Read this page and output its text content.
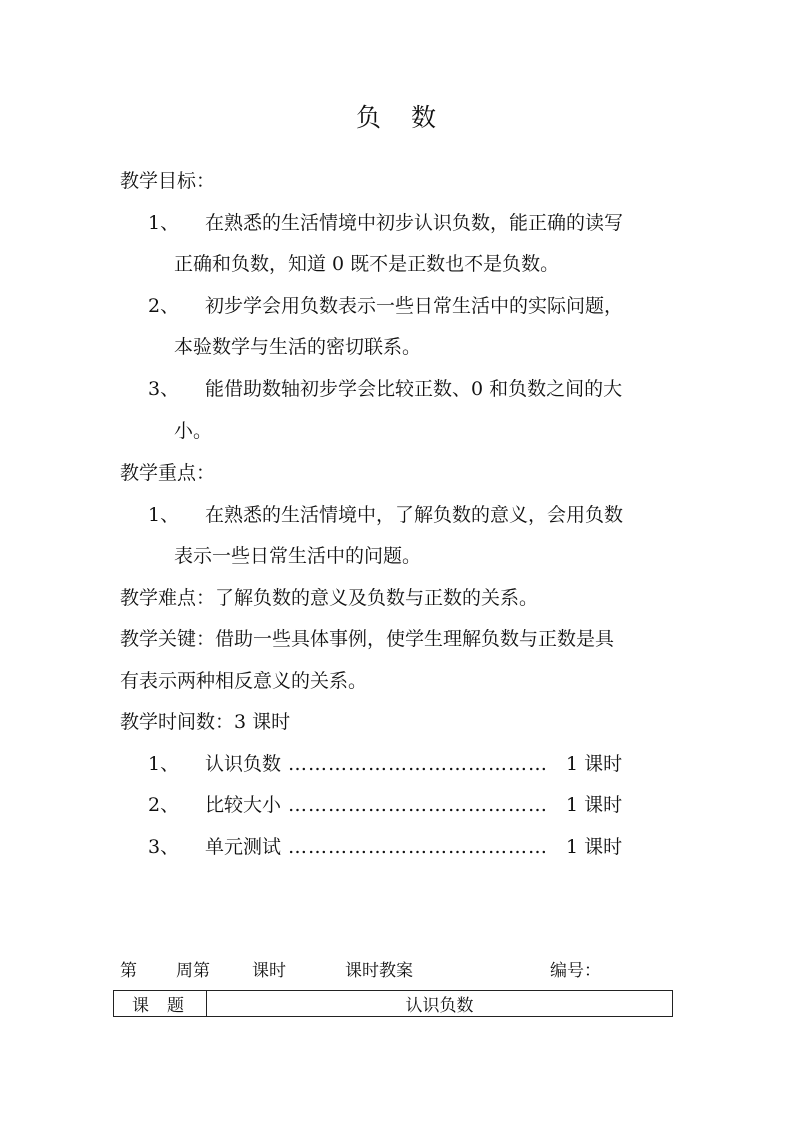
负 数
教学目标：
1、 在熟悉的生活情境中初步认识负数，能正确的读写
正确和负数，知道 0 既不是正数也不是负数。
2、 初步学会用负数表示一些日常生活中的实际问题，
本验数学与生活的密切联系。
3、 能借助数轴初步学会比较正数、0 和负数之间的大
小。
教学重点：
1、 在熟悉的生活情境中，了解负数的意义，会用负数
表示一些日常生活中的问题。
教学难点：了解负数的意义及负数与正数的关系。
教学关键：借助一些具体事例，使学生理解负数与正数是具
有表示两种相反意义的关系。
教学时间数：3 课时
1、 认识负数 ………………………………… 1 课时
2、 比较大小 ………………………………… 1 课时
3、 单元测试 ………………………………… 1 课时
第 周第 课时	课时教案	编号：
课题	认识负数
